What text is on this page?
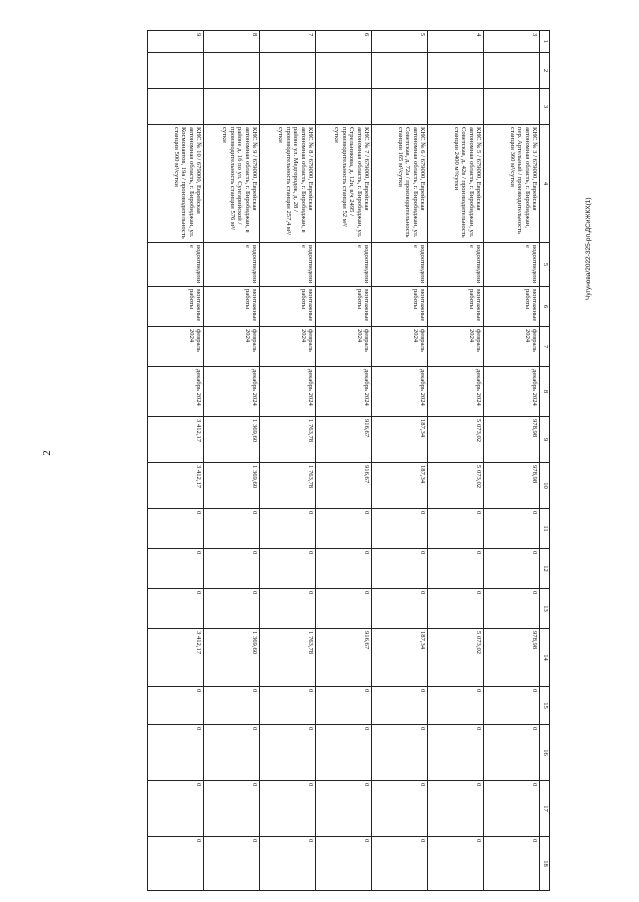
2
1	2	3	4	5	6	7	8	9	10	11	12	13	14	15	16	17	18
3			КНС № 3 / 679000, Еврейская автономная область, г. Биробиджан, пер. Артельный / производительность станции 360 м³/сутки	водоотведение	монтажные работы	февраль 2024	декабрь 2024	978,98	978,98	0	0	0	978,98	0	0	0	0
4			КНС № 5 / 679000, Еврейская автономная область, г. Биробиджан, ул. Советская, д. 42в / производительность станции 2400 м³/сутки	водоотведение	монтажные работы	февраль 2024	декабрь 2024	5 073,02	5 073,02	0	0	0	5 073,02	0	0	0	0
5			КНС № 6 / 679000, Еврейская автономная область, г. Биробиджан, ул. Советская, д. 72а / производительность станции 165 м³/сутки	водоотведение	монтажные работы	февраль 2024	декабрь 2024	187,34	187,34	0	0	0	187,34	0	0	0	0
6			КНС № 7 / 679000, Еврейская автономная область, г. Биробиджан, ул. Стрельникова, д. 12и, в/ч 2495 / производительность станции 52 м³/сутки	водоотведение	монтажные работы	февраль 2024	декабрь 2024	916,67	916,67	0	0	0	916,67	0	0	0	0
7			КНС № 8 / 679000, Еврейская автономная область, г. Биробиджан, в районе ул. Медгородок, д. 28 / производительность станции 257,4 м³/сутки	водоотведение	монтажные работы	февраль 2024	декабрь 2024	1 763,78	1 763,78	0	0	0	1 763,78	0	0	0	0
8			КНС № 9 / 679000, Еврейская автономная область, г. Биробиджан, в районе д. 1б по ул. Сунгарийской / производительность станции 576 м³/сутки	водоотведение	монтажные работы	февраль 2024	декабрь 2024	1 369,60	1 369,60	0	0	0	1 369,60	0	0	0	0
9			КНС № 10 / 679000, Еврейская автономная область, г. Биробиджан, ул. Космонавтов, 19а / производительность станции 500 м³/сутки	водоотведение	монтажные работы	февраль 2024	декабрь 2024	3 412,17	3 412,17	0	0	0	3 412,17	0	0	0	0
Чугунова/2022-325-рп.ДСиЖКХ(1)
